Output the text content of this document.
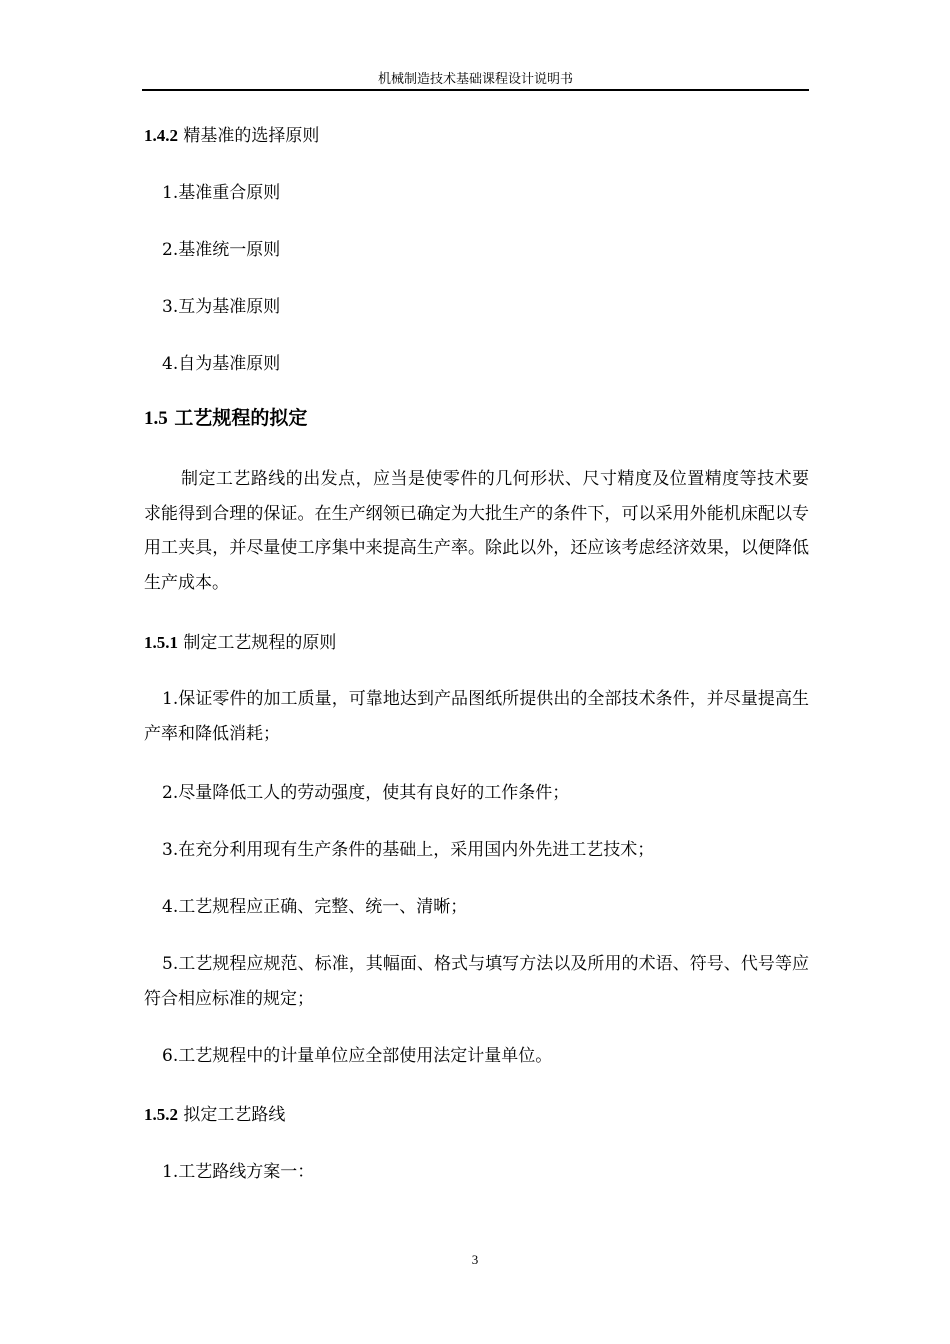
机械制造技术基础课程设计说明书
1.4.2 精基准的选择原则
1.基准重合原则
2.基准统一原则
3.互为基准原则
4.自为基准原则
1.5 工艺规程的拟定

制定工艺路线的出发点，应当是使零件的几何形状、尺寸精度及位置精度等技术要求能得到合理的保证。在生产纲领已确定为大批生产的条件下，可以采用外能机床配以专用工夹具，并尽量使工序集中来提高生产率。除此以外，还应该考虑经济效果，以便降低生产成本。

1.5.1 制定工艺规程的原则

1.保证零件的加工质量，可靠地达到产品图纸所提供出的全部技术条件，并尽量提高生产率和降低消耗；

2.尽量降低工人的劳动强度，使其有良好的工作条件；

3.在充分利用现有生产条件的基础上，采用国内外先进工艺技术；

4.工艺规程应正确、完整、统一、清晰；

5.工艺规程应规范、标准，其幅面、格式与填写方法以及所用的术语、符号、代号等应符合相应标准的规定；

6.工艺规程中的计量单位应全部使用法定计量单位。

1.5.2 拟定工艺路线
1.工艺路线方案一：
3
